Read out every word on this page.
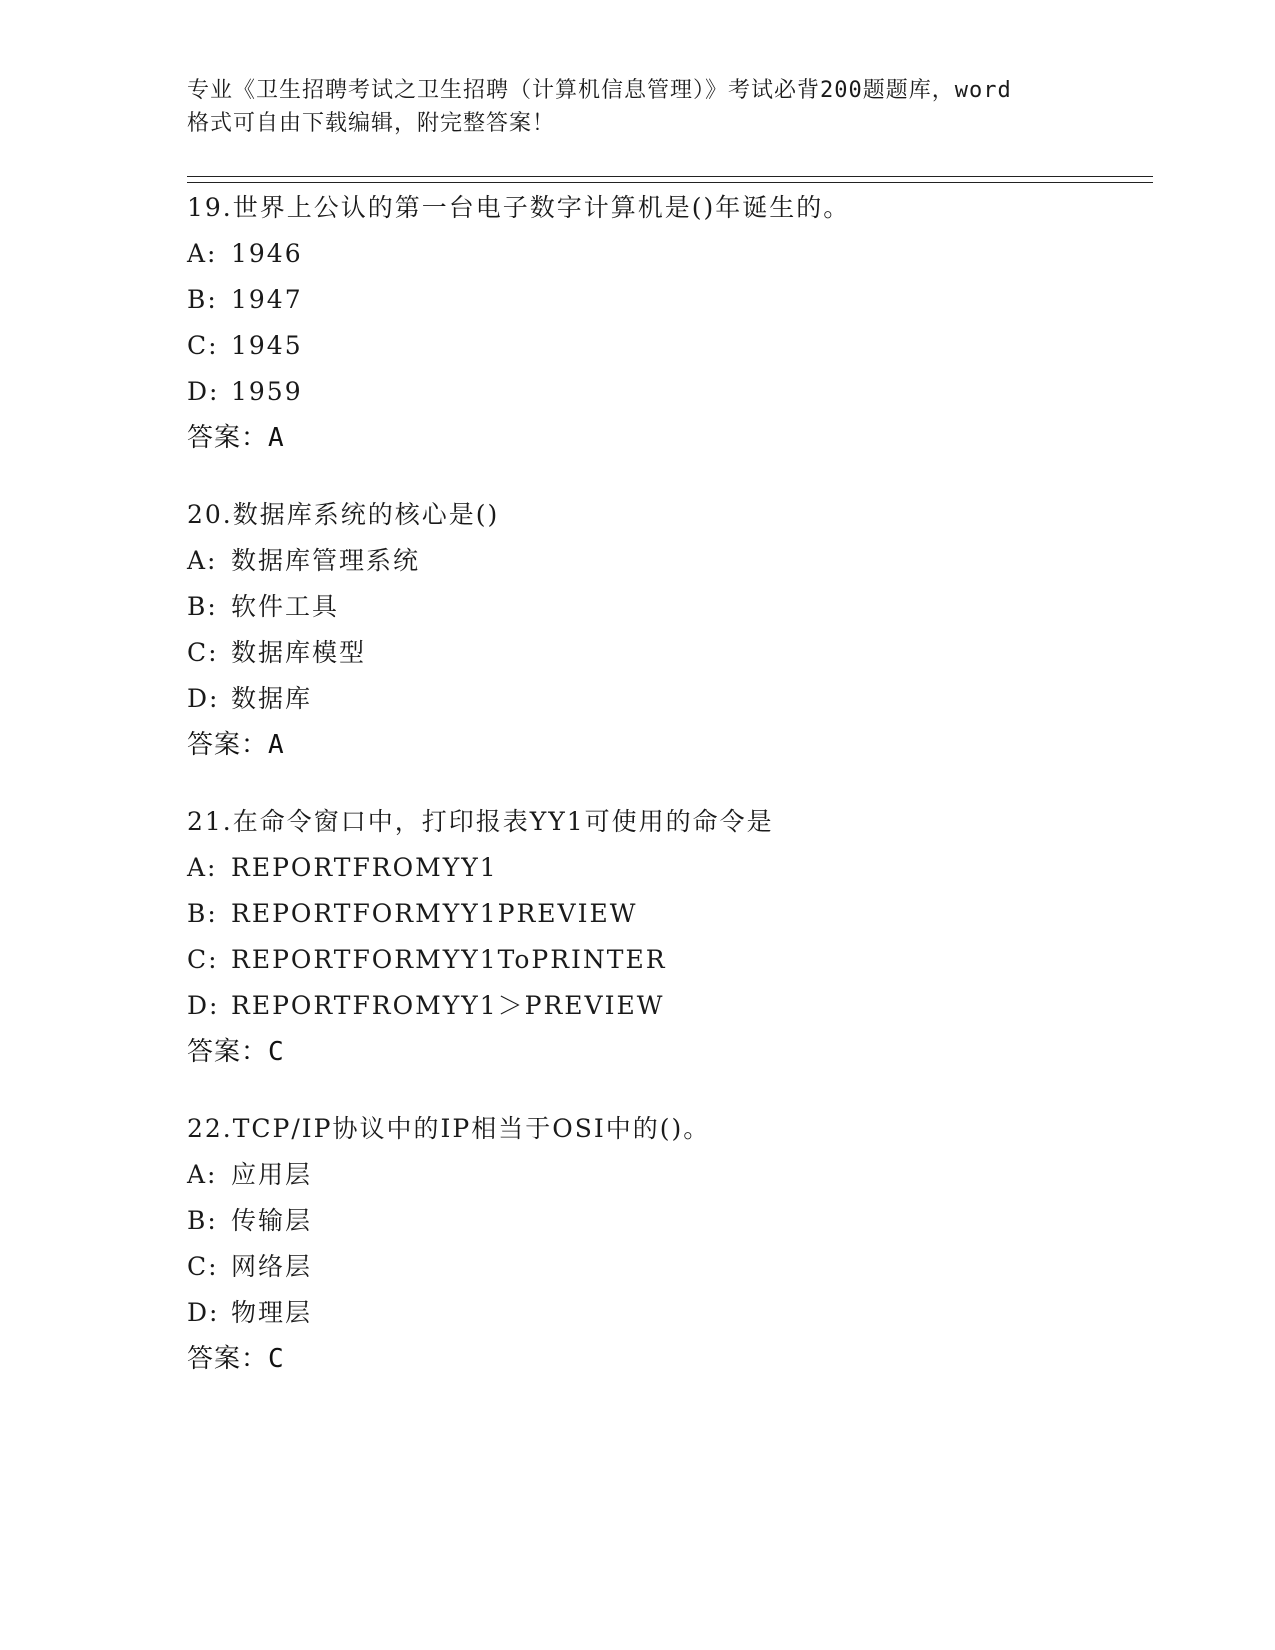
专业《卫生招聘考试之卫生招聘（计算机信息管理）》考试必背200题题库，word
格式可自由下载编辑，附完整答案！
19.世界上公认的第一台电子数字计算机是()年诞生的。
A: 1946
B: 1947
C: 1945
D: 1959
答案：A
20.数据库系统的核心是()
A: 数据库管理系统
B: 软件工具
C: 数据库模型
D: 数据库
答案：A
21.在命令窗口中，打印报表YY1可使用的命令是
A: REPORTFROMYY1
B: REPORTFORMYY1PREVIEW
C: REPORTFORMYY1ToPRINTER
D: REPORTFROMYY1＞PREVIEW
答案：C
22.TCP/IP协议中的IP相当于OSI中的()。
A: 应用层
B: 传输层
C: 网络层
D: 物理层
答案：C
